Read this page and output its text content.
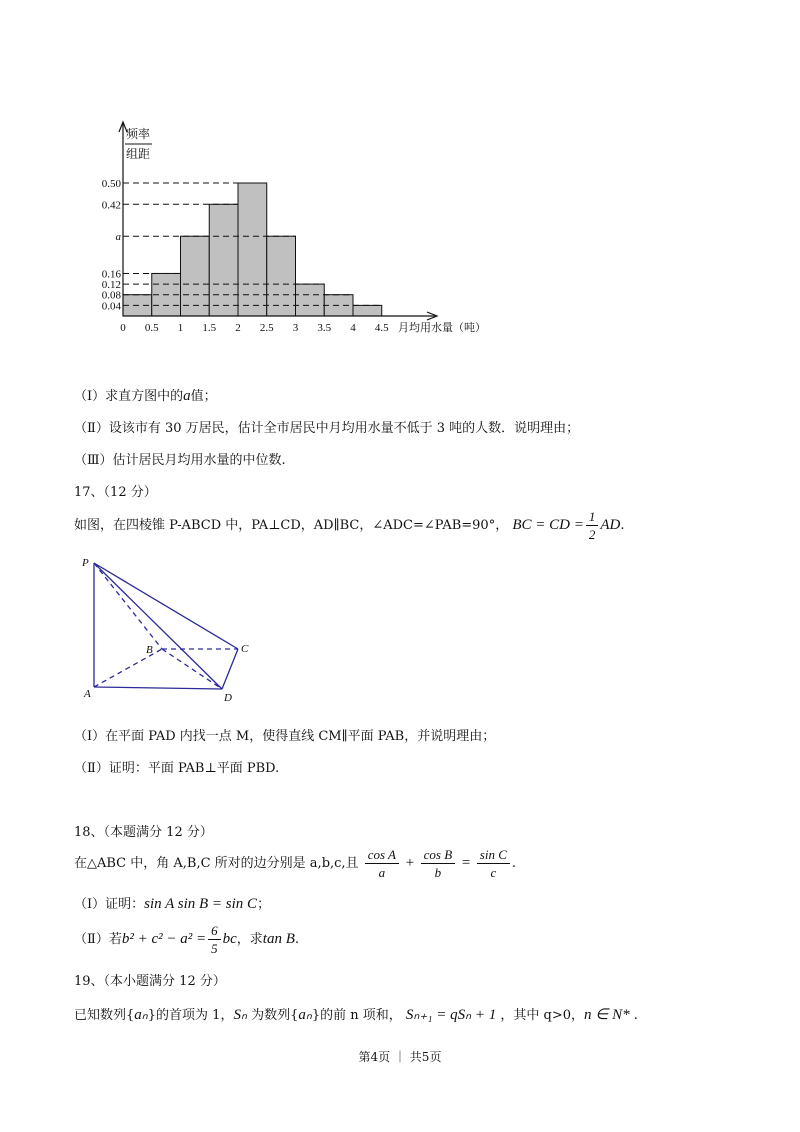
频率
组距
0.50
0.42
a
0.16
0.12
0.08
0.04
0 0.5 1 1.5 2 2.5 3 3.5 4 4.5 月均用水量（吨）
（Ⅰ）求直方图中的a值；
（Ⅱ）设该市有 30 万居民，估计全市居民中月均用水量不低于 3 吨的人数．说明理由；
（Ⅲ）估计居民月均用水量的中位数.
17、（12 分）
如图，在四棱锥 P-ABCD 中，PA⊥CD，AD∥BC，∠ADC=∠PAB=90°， BC = CD = $\frac{1}{2}$ AD.
P
A
B	C
D
（Ⅰ）在平面 PAD 内找一点 M，使得直线 CM∥平面 PAB，并说明理由；
（Ⅱ）证明：平面 PAB⊥平面 PBD.
18、（本题满分 12 分）
在△ABC 中，角 A,B,C 所对的边分别是 a,b,c,且 $\frac{\text{cos A}}{a} + \frac{\text{cos B}}{b} = \frac{\text{sin C}}{c}$ .
（Ⅰ）证明：sin A sin B = sin C；
（Ⅱ）若$b^2 + c^2 - a^2 = \frac{6}{5}$ bc，求tan B.
19、（本小题满分 12 分）
已知数列{aₙ}的首项为 1，Sₙ 为数列{aₙ}的前 n 项和， Sₙ₊₁ = qSₙ + 1 ，其中 q>0，n ∈ N* .
第4页 ｜ 共5页
